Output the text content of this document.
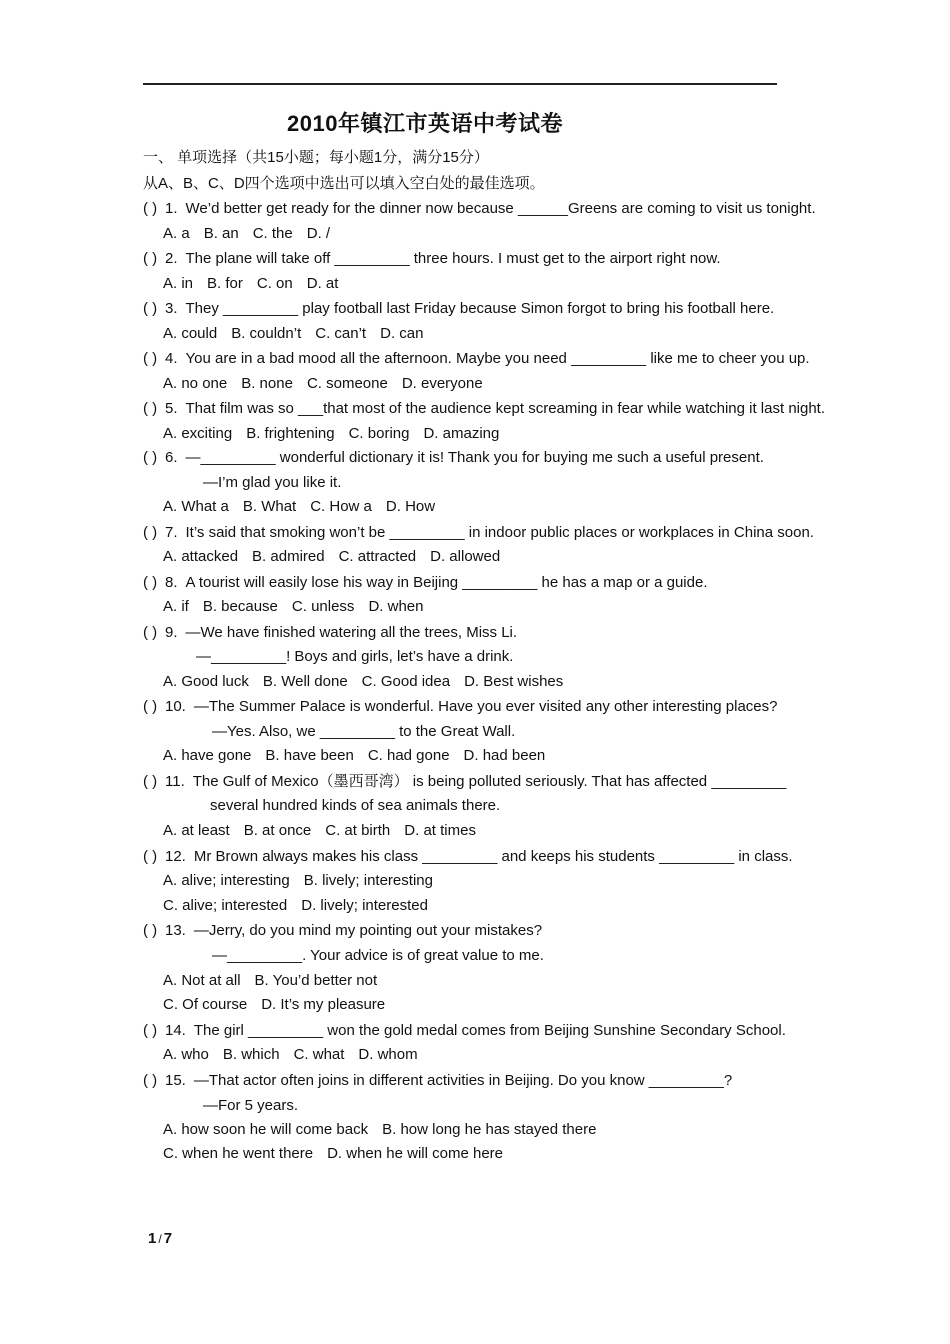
2010年镇江市英语中考试卷
一、 单项选择（共15小题；每小题1分，满分15分）
从A、B、C、D四个选项中选出可以填入空白处的最佳选项。
( ) 1. We’d better get ready for the dinner now because ______Greens are coming to visit us tonight.
A. a B. an C. the D. /
( ) 2. The plane will take off _________ three hours. I must get to the airport right now.
A. in B. for C. on D. at
( ) 3. They _________ play football last Friday because Simon forgot to bring his football here.
A. could B. couldn’t C. can’t D. can
( ) 4. You are in a bad mood all the afternoon. Maybe you need _________ like me to cheer you up.
A. no one B. none C. someone D. everyone
( ) 5. That film was so ___that most of the audience kept screaming in fear while watching it last night.
A. exciting B. frightening C. boring D. amazing
( ) 6. —_________ wonderful dictionary it is! Thank you for buying me such a useful present.
—I’m glad you like it.
A. What a B. What C. How a D. How
( ) 7. It’s said that smoking won’t be _________ in indoor public places or workplaces in China soon.
A. attacked B. admired C. attracted D. allowed
( ) 8. A tourist will easily lose his way in Beijing _________ he has a map or a guide.
A. if B. because C. unless D. when
( ) 9. —We have finished watering all the trees, Miss Li.
—_________! Boys and girls, let’s have a drink.
A. Good luck B. Well done C. Good idea D. Best wishes
( ) 10. —The Summer Palace is wonderful. Have you ever visited any other interesting places?
—Yes. Also, we _________ to the Great Wall.
A. have gone B. have been C. had gone D. had been
( ) 11. The Gulf of Mexico（墨西哥湾） is being polluted seriously. That has affected _________
several hundred kinds of sea animals there.
A. at least B. at once C. at birth D. at times
( ) 12. Mr Brown always makes his class _________ and keeps his students _________ in class.
A. alive; interesting B. lively; interesting
C. alive; interested D. lively; interested
( ) 13. —Jerry, do you mind my pointing out your mistakes?
—_________. Your advice is of great value to me.
A. Not at all B. You’d better not
C. Of course D. It’s my pleasure
( ) 14. The girl _________ won the gold medal comes from Beijing Sunshine Secondary School.
A. who B. which C. what D. whom
( ) 15. —That actor often joins in different activities in Beijing. Do you know _________?
—For 5 years.
A. how soon he will come back B. how long he has stayed there
C. when he went there D. when he will come here
1 / 7
